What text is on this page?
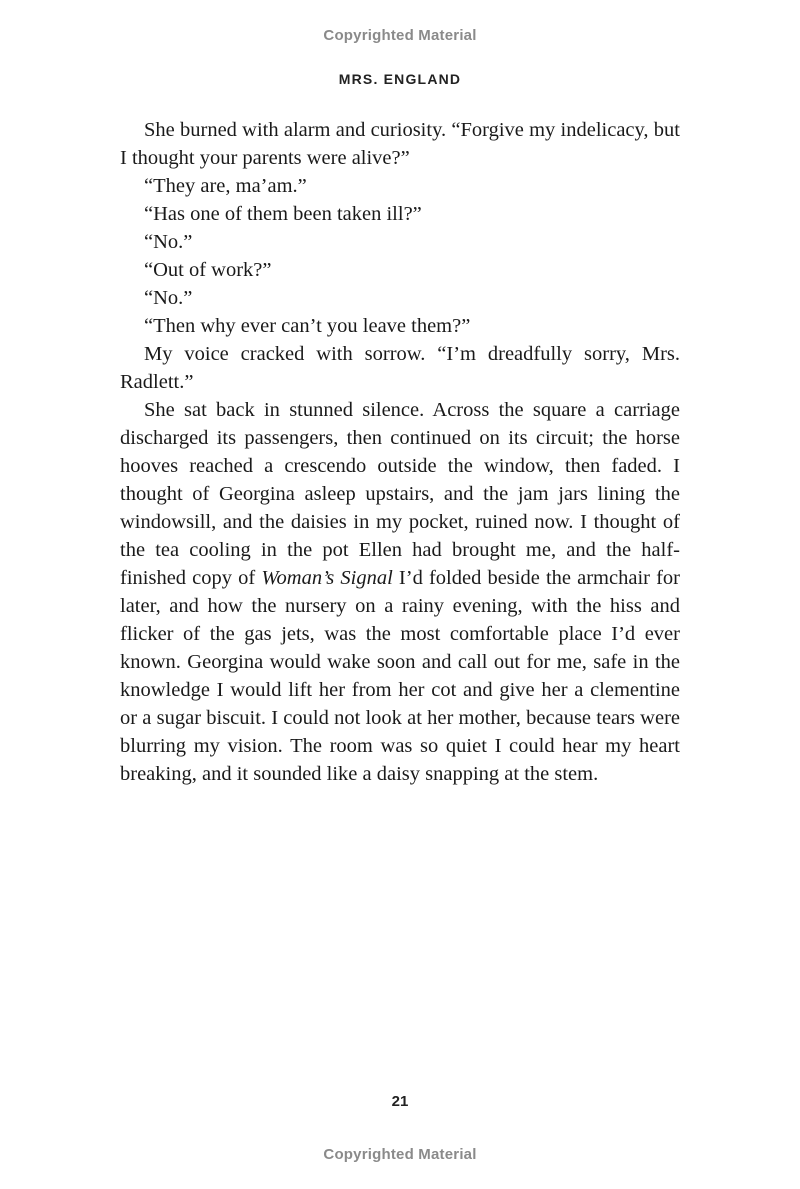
Copyrighted Material
MRS. ENGLAND

She burned with alarm and curiosity. “Forgive my indelicacy, but I thought your parents were alive?”

“They are, ma’am.”

“Has one of them been taken ill?”

“No.”

“Out of work?”

“No.”

“Then why ever can’t you leave them?”

My voice cracked with sorrow. “I’m dreadfully sorry, Mrs. Radlett.”

She sat back in stunned silence. Across the square a carriage discharged its passengers, then continued on its circuit; the horse hooves reached a crescendo outside the window, then faded. I thought of Georgina asleep upstairs, and the jam jars lining the windowsill, and the daisies in my pocket, ruined now. I thought of the tea cooling in the pot Ellen had brought me, and the half-finished copy of Woman’s Signal I’d folded beside the armchair for later, and how the nursery on a rainy evening, with the hiss and flicker of the gas jets, was the most comfortable place I’d ever known. Georgina would wake soon and call out for me, safe in the knowledge I would lift her from her cot and give her a clementine or a sugar biscuit. I could not look at her mother, because tears were blurring my vision. The room was so quiet I could hear my heart breaking, and it sounded like a daisy snapping at the stem.

21
Copyrighted Material
